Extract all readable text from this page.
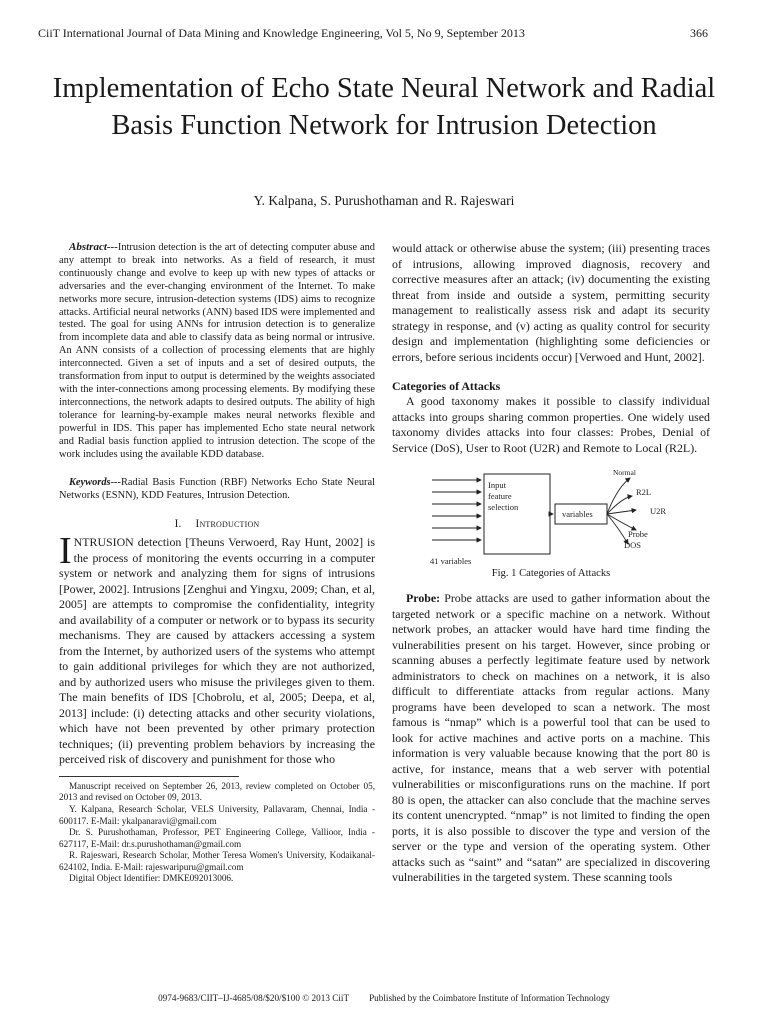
CiiT International Journal of Data Mining and Knowledge Engineering, Vol 5, No 9, September 2013	366
Implementation of Echo State Neural Network and Radial Basis Function Network for Intrusion Detection
Y. Kalpana, S. Purushothaman and R. Rajeswari

Abstract---Intrusion detection is the art of detecting computer abuse and any attempt to break into networks. As a field of research, it must continuously change and evolve to keep up with new types of attacks or adversaries and the ever-changing environment of the Internet. To make networks more secure, intrusion-detection systems (IDS) aims to recognize attacks. Artificial neural networks (ANN) based IDS were implemented and tested. The goal for using ANNs for intrusion detection is to generalize from incomplete data and able to classify data as being normal or intrusive. An ANN consists of a collection of processing elements that are highly interconnected. Given a set of inputs and a set of desired outputs, the transformation from input to output is determined by the weights associated with the inter-connections among processing elements. By modifying these interconnections, the network adapts to desired outputs. The ability of high tolerance for learning-by-example makes neural networks flexible and powerful in IDS. This paper has implemented Echo state neural network and Radial basis function applied to intrusion detection. The scope of the work includes using the available KDD database.

Keywords---Radial Basis Function (RBF) Networks Echo State Neural Networks (ESNN), KDD Features, Intrusion Detection.

I. Introduction

INTRUSION detection [Theuns Verwoerd, Ray Hunt, 2002] is the process of monitoring the events occurring in a computer system or network and analyzing them for signs of intrusions [Power, 2002]. Intrusions [Zenghui and Yingxu, 2009; Chan, et al, 2005] are attempts to compromise the confidentiality, integrity and availability of a computer or network or to bypass its security mechanisms. They are caused by attackers accessing a system from the Internet, by authorized users of the systems who attempt to gain additional privileges for which they are not authorized, and by authorized users who misuse the privileges given to them. The main benefits of IDS [Chobrolu, et al, 2005; Deepa, et al, 2013] include: (i) detecting attacks and other security violations, which have not been prevented by other primary protection techniques; (ii) preventing problem behaviors by increasing the perceived risk of discovery and punishment for those who

Manuscript received on September 26, 2013, review completed on October 05, 2013 and revised on October 09, 2013.

Y. Kalpana, Research Scholar, VELS University, Pallavaram, Chennai, India - 600117. E-Mail: ykalpanaravi@gmail.com

Dr. S. Purushothaman, Professor, PET Engineering College, Vallioor, India - 627117, E-Mail: dr.s.purushothaman@gmail.com

R. Rajeswari, Research Scholar, Mother Teresa Women's University, Kodaikanal-624102, India. E-Mail: rajeswaripuru@gmail.com

Digital Object Identifier: DMKE092013006.

would attack or otherwise abuse the system; (iii) presenting traces of intrusions, allowing improved diagnosis, recovery and corrective measures after an attack; (iv) documenting the existing threat from inside and outside a system, permitting security management to realistically assess risk and adapt its security strategy in response, and (v) acting as quality control for security design and implementation (highlighting some deficiencies or errors, before serious incidents occur) [Verwoed and Hunt, 2002].

Categories of Attacks

A good taxonomy makes it possible to classify individual attacks into groups sharing common properties. One widely used taxonomy divides attacks into four classes: Probes, Denial of Service (DoS), User to Root (U2R) and Remote to Local (R2L).

Input
feature
selection
41 variables
variables
Normal
R2L
U2R
Probe
DOS

Fig. 1 Categories of Attacks

Probe: Probe attacks are used to gather information about the targeted network or a specific machine on a network. Without network probes, an attacker would have hard time finding the vulnerabilities present on his target. However, since probing or scanning abuses a perfectly legitimate feature used by network administrators to check on machines on a network, it is also difficult to differentiate attacks from regular actions. Many programs have been developed to scan a network. The most famous is “nmap” which is a powerful tool that can be used to look for active machines and active ports on a machine. This information is very valuable because knowing that the port 80 is active, for instance, means that a web server with potential vulnerabilities or misconfigurations runs on the machine. If port 80 is open, the attacker can also conclude that the machine serves its content unencrypted. “nmap” is not limited to finding the open ports, it is also possible to discover the type and version of the server or the type and version of the operating system. Other attacks such as “saint” and “satan” are specialized in discovering vulnerabilities in the targeted system. These scanning tools

0974-9683/CIIT–IJ-4685/08/$20/$100 © 2013 CiiT Published by the Coimbatore Institute of Information Technology
